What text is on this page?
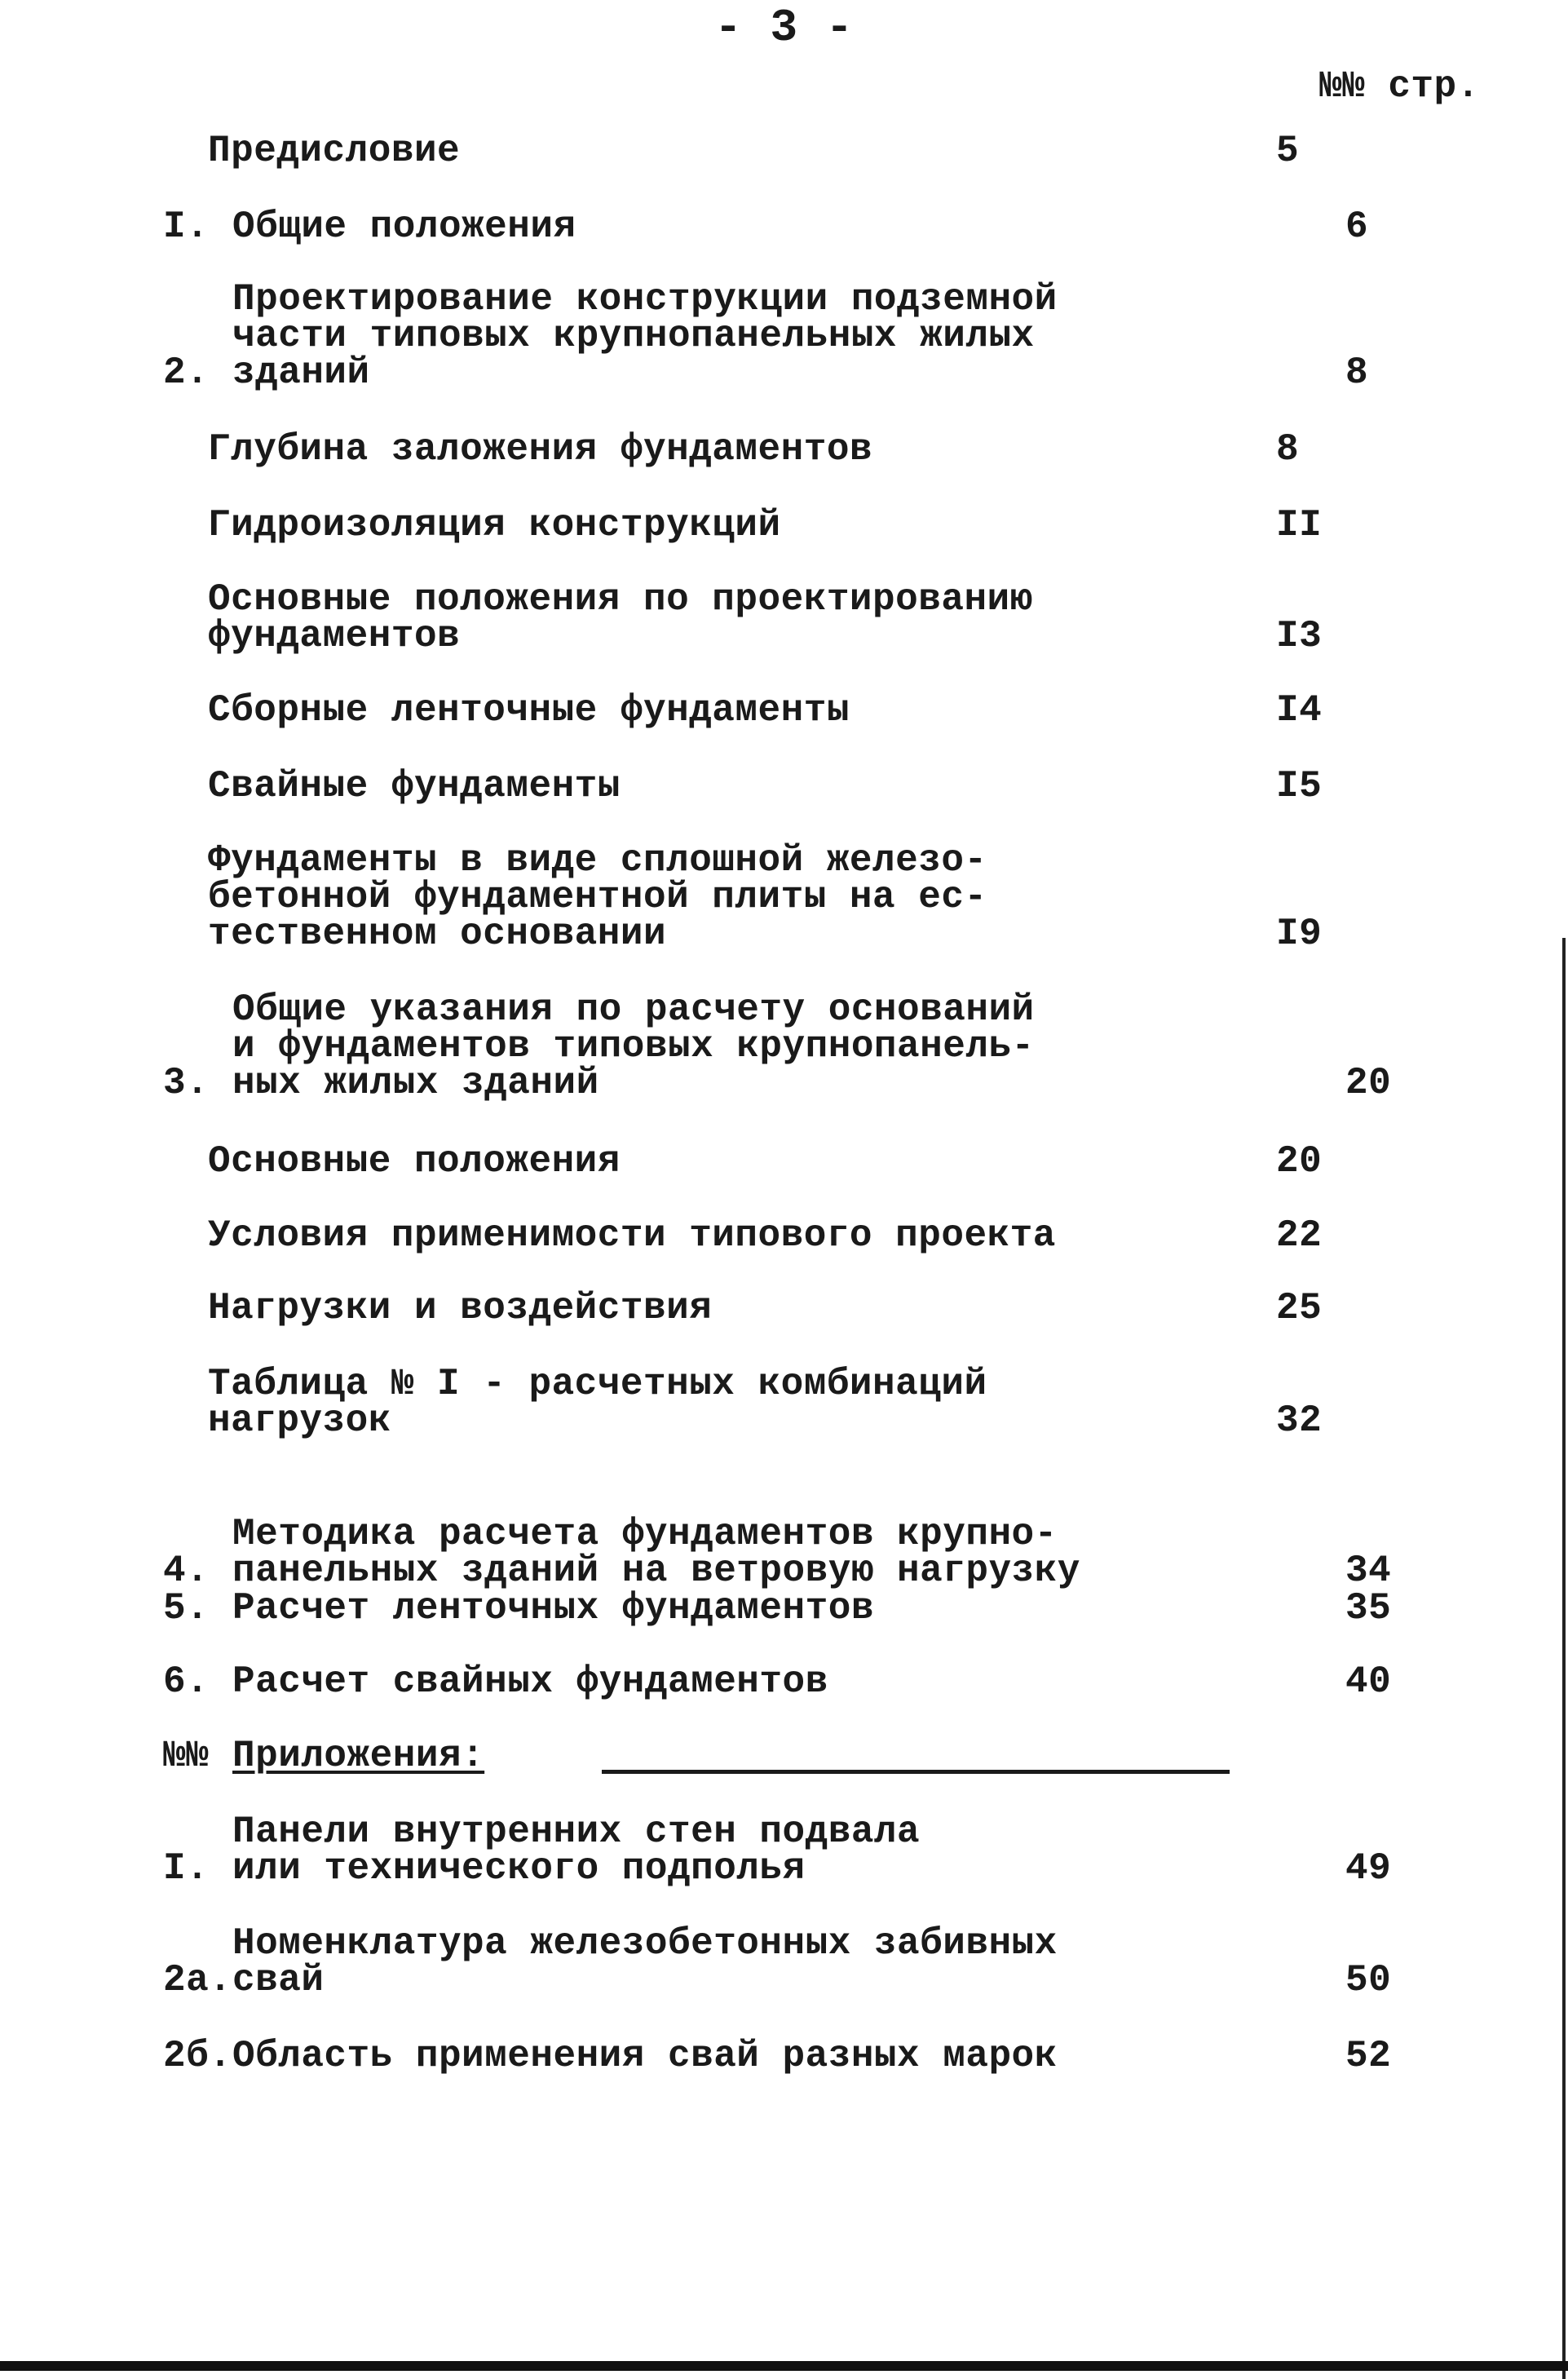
- 3 -
№№ стр.
Предисловие	5
I. Общие положения	6
2.
Проектирование конструкции подземной
части типовых крупнопанельных жилых
зданий	8
Глубина заложения фундаментов	8
Гидроизоляция конструкций	II
Основные положения по проектированию
фундаментов	I3
Сборные ленточные фундаменты	I4
Свайные фундаменты	I5
Фундаменты в виде сплошной железо-
бетонной фундаментной плиты на ес-
тественном основании	I9
3.
Общие указания по расчету оснований
и фундаментов типовых крупнопанель-
ных жилых зданий	20
Основные положения	20
Условия применимости типового проекта	22
Нагрузки и воздействия	25
Таблица № I - расчетных комбинаций
нагрузок	32
4.
Методика расчета фундаментов крупно-
панельных зданий на ветровую нагрузку	34
5. Расчет ленточных фундаментов	35
6. Расчет свайных фундаментов	40
№№ Приложения:
I.
Панели внутренних стен подвала
или технического подполья	49
2а.
Номенклатура железобетонных забивных
свай	50
2б. Область применения свай разных марок	52
